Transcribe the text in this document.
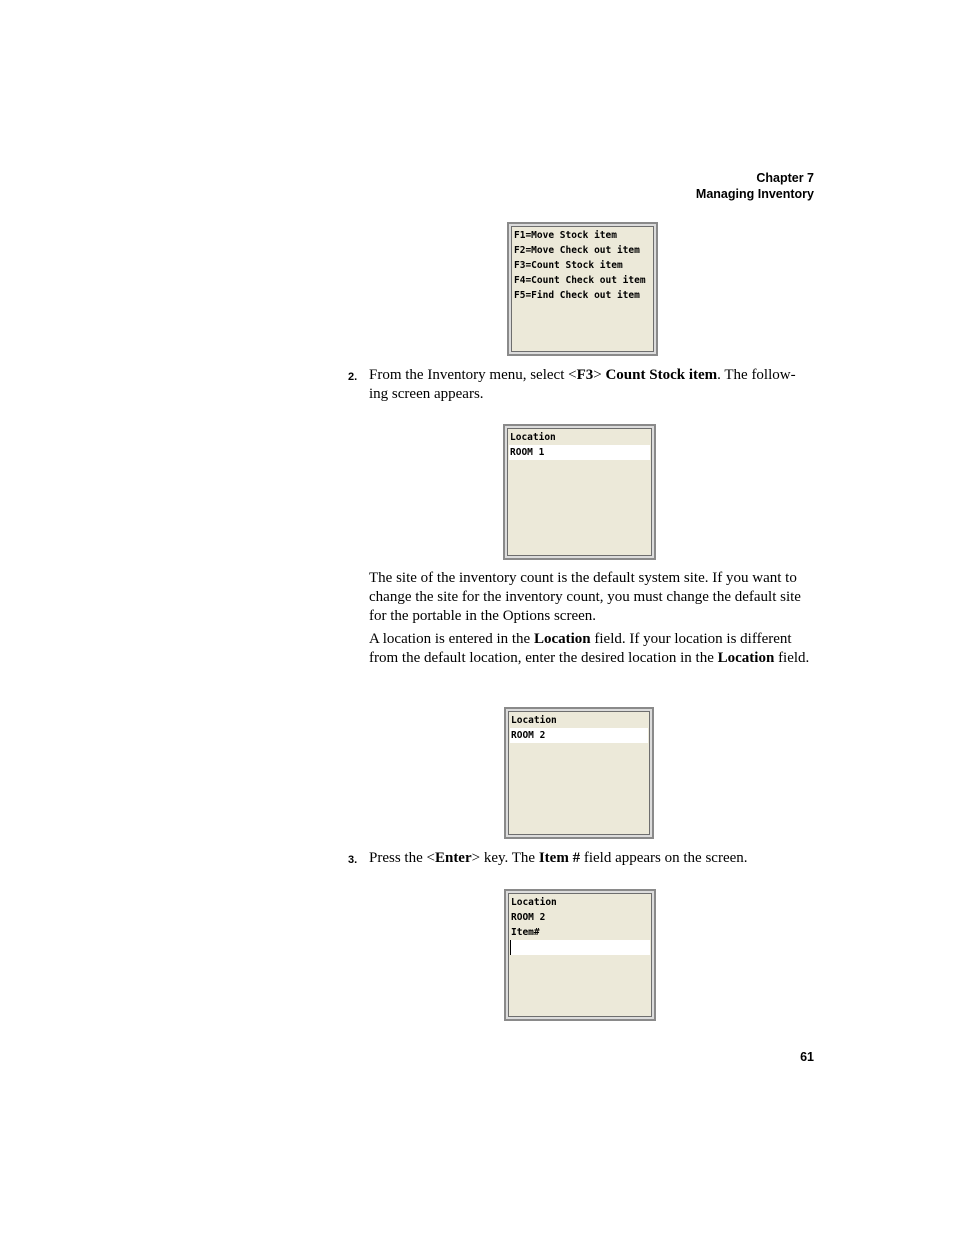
Chapter 7
Managing Inventory
F1=Move Stock item
F2=Move Check out item
F3=Count Stock item
F4=Count Check out item
F5=Find Check out item
2. From the Inventory menu, select <F3> Count Stock item. The follow-ing screen appears.
Location
ROOM 1
The site of the inventory count is the default system site. If you want to change the site for the inventory count, you must change the default site for the portable in the Options screen.
A location is entered in the Location field. If your location is different from the default location, enter the desired location in the Location field.
Location
ROOM 2
3. Press the <Enter> key. The Item # field appears on the screen.
Location
ROOM 2
Item#
61
